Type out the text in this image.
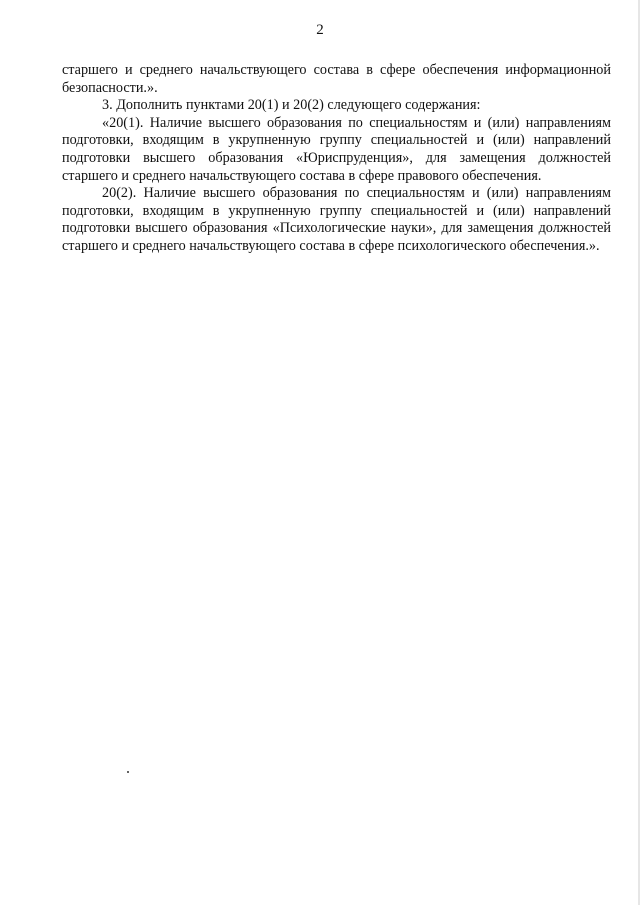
2

старшего и среднего начальствующего состава в сфере обеспечения информационной безопасности.».

3. Дополнить пунктами 20(1) и 20(2) следующего содержания:

«20(1). Наличие высшего образования по специальностям и (или) направлениям подготовки, входящим в укрупненную группу специальностей и (или) направлений подготовки высшего образования «Юриспруденция», для замещения должностей старшего и среднего начальствующего состава в сфере правового обеспечения.

20(2). Наличие высшего образования по специальностям и (или) направлениям подготовки, входящим в укрупненную группу специальностей и (или) направлений подготовки высшего образования «Психологические науки», для замещения должностей старшего и среднего начальствующего состава в сфере психологического обеспечения.».
